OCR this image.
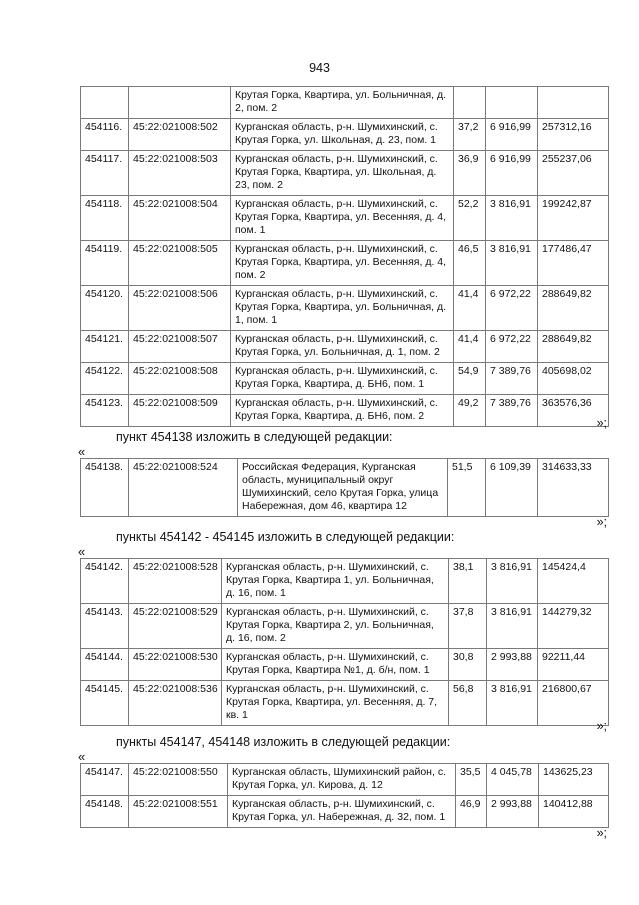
943
		Крутая Горка, Квартира, ул. Больничная, д. 2, пом. 2			
454116.	45:22:021008:502	Курганская область, р-н. Шумихинский, с. Крутая Горка, ул. Школьная, д. 23, пом. 1	37,2	6 916,99	257312,16
454117.	45:22:021008:503	Курганская область, р-н. Шумихинский, с. Крутая Горка, Квартира, ул. Школьная, д. 23, пом. 2	36,9	6 916,99	255237,06
454118.	45:22:021008:504	Курганская область, р-н. Шумихинский, с. Крутая Горка, Квартира, ул. Весенняя, д. 4, пом. 1	52,2	3 816,91	199242,87
454119.	45:22:021008:505	Курганская область, р-н. Шумихинский, с. Крутая Горка, Квартира, ул. Весенняя, д. 4, пом. 2	46,5	3 816,91	177486,47
454120.	45:22:021008:506	Курганская область, р-н. Шумихинский, с. Крутая Горка, Квартира, ул. Больничная, д. 1, пом. 1	41,4	6 972,22	288649,82
454121.	45:22:021008:507	Курганская область, р-н. Шумихинский, с. Крутая Горка, ул. Больничная, д. 1, пом. 2	41,4	6 972,22	288649,82
454122.	45:22:021008:508	Курганская область, р-н. Шумихинский, с. Крутая Горка, Квартира, д. БН6, пом. 1	54,9	7 389,76	405698,02
454123.	45:22:021008:509	Курганская область, р-н. Шумихинский, с. Крутая Горка, Квартира, д. БН6, пом. 2	49,2	7 389,76	363576,36
»;
пункт 454138 изложить в следующей редакции:
«
454138.	45:22:021008:524	Российская Федерация, Курганская область, муниципальный округ Шумихинский, село Крутая Горка, улица Набережная, дом 46, квартира 12	51,5	6 109,39	314633,33
»;
пункты 454142 - 454145 изложить в следующей редакции:
«
454142.	45:22:021008:528	Курганская область, р-н. Шумихинский, с. Крутая Горка, Квартира 1, ул. Больничная, д. 16, пом. 1	38,1	3 816,91	145424,4
454143.	45:22:021008:529	Курганская область, р-н. Шумихинский, с. Крутая Горка, Квартира 2, ул. Больничная, д. 16, пом. 2	37,8	3 816,91	144279,32
454144.	45:22:021008:530	Курганская область, р-н. Шумихинский, с. Крутая Горка, Квартира №1, д. б/н, пом. 1	30,8	2 993,88	92211,44
454145.	45:22:021008:536	Курганская область, р-н. Шумихинский, с. Крутая Горка, Квартира, ул. Весенняя, д. 7, кв. 1	56,8	3 816,91	216800,67
»;
пункты 454147, 454148 изложить в следующей редакции:
«
454147.	45:22:021008:550	Курганская область, Шумихинский район, с. Крутая Горка, ул. Кирова, д. 12	35,5	4 045,78	143625,23
454148.	45:22:021008:551	Курганская область, р-н. Шумихинский, с. Крутая Горка, ул. Набережная, д. 32, пом. 1	46,9	2 993,88	140412,88
»;
